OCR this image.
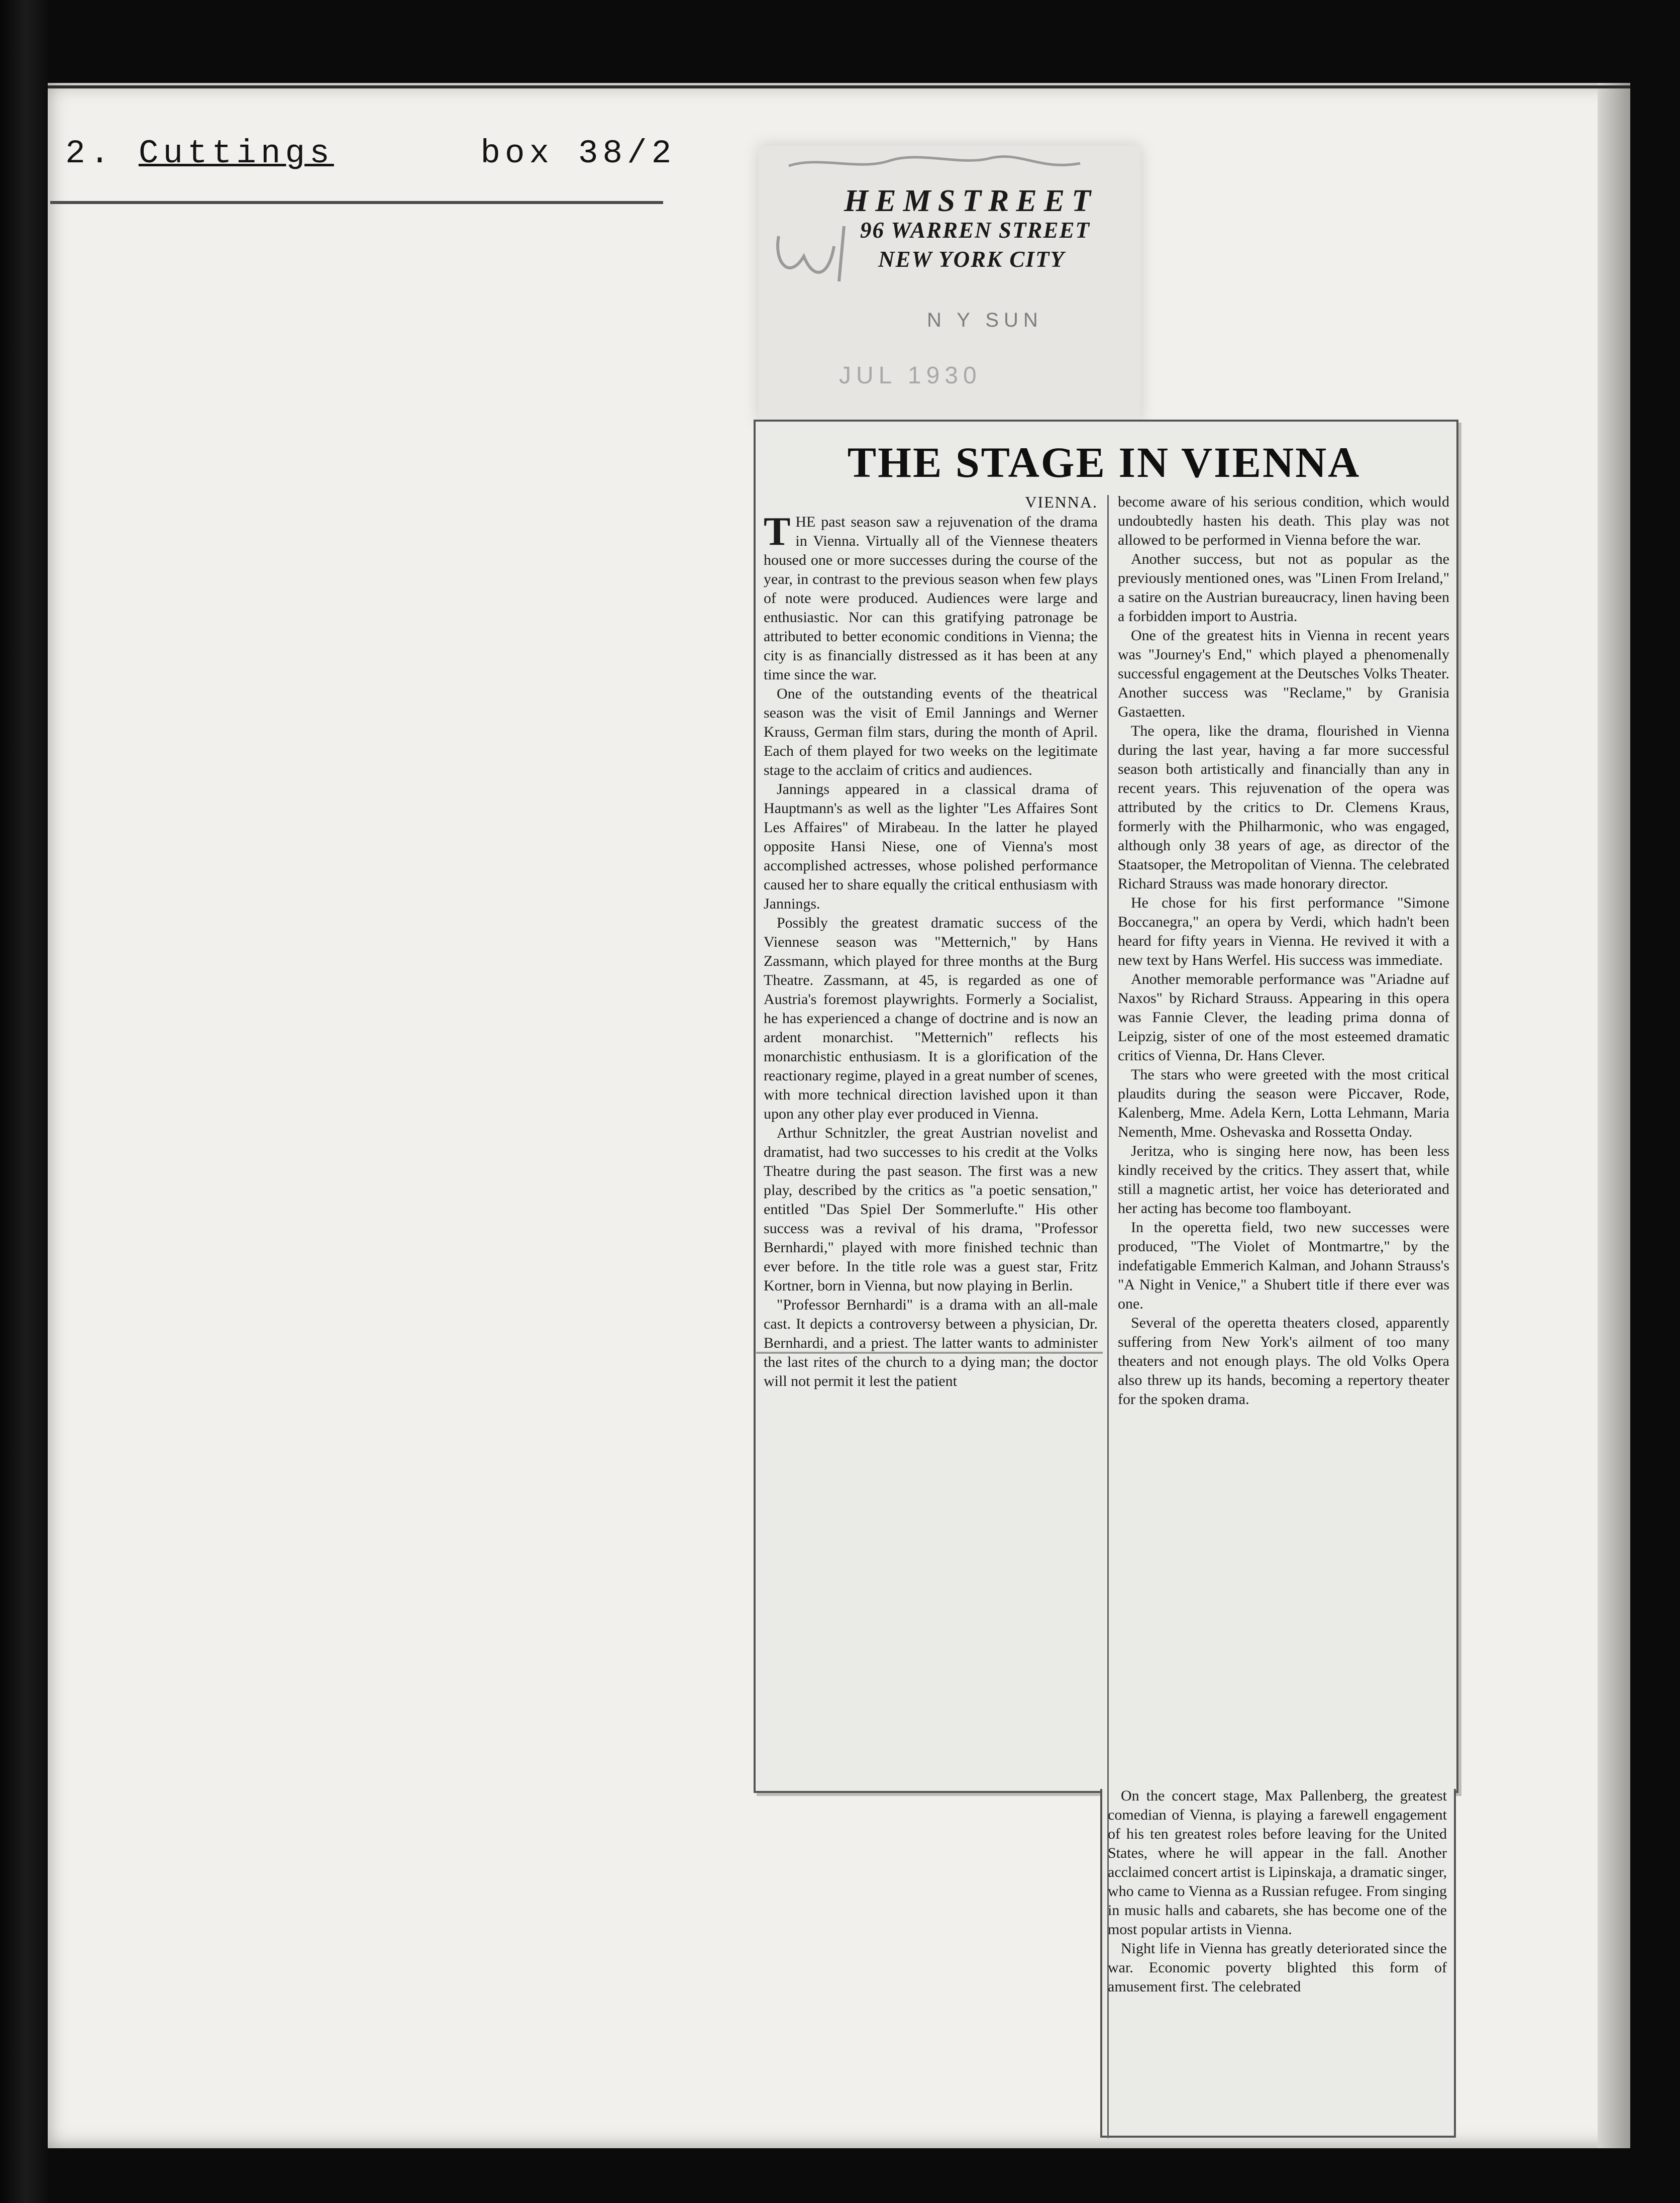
2. Cuttings	box 38/2
HEMSTREET
96 WARREN STREET
NEW YORK CITY
N Y SUN
JUL 1930
THE STAGE IN VIENNA
VIENNA.

THE past season saw a rejuvenation of the drama in Vienna. Virtually all of the Viennese theaters housed one or more successes during the course of the year, in contrast to the previous season when few plays of note were produced. Audiences were large and enthusiastic. Nor can this gratifying patronage be attributed to better economic conditions in Vienna; the city is as financially distressed as it has been at any time since the war.

One of the outstanding events of the theatrical season was the visit of Emil Jannings and Werner Krauss, German film stars, during the month of April. Each of them played for two weeks on the legitimate stage to the acclaim of critics and audiences.

Jannings appeared in a classical drama of Hauptmann's as well as the lighter "Les Affaires Sont Les Affaires" of Mirabeau. In the latter he played opposite Hansi Niese, one of Vienna's most accomplished actresses, whose polished performance caused her to share equally the critical enthusiasm with Jannings.

Possibly the greatest dramatic success of the Viennese season was "Metternich," by Hans Zassmann, which played for three months at the Burg Theatre. Zassmann, at 45, is regarded as one of Austria's foremost playwrights. Formerly a Socialist, he has experienced a change of doctrine and is now an ardent monarchist. "Metternich" reflects his monarchistic enthusiasm. It is a glorification of the reactionary regime, played in a great number of scenes, with more technical direction lavished upon it than upon any other play ever produced in Vienna.

Arthur Schnitzler, the great Austrian novelist and dramatist, had two successes to his credit at the Volks Theatre during the past season. The first was a new play, described by the critics as "a poetic sensation," entitled "Das Spiel Der Sommerlufte." His other success was a revival of his drama, "Professor Bernhardi," played with more finished technic than ever before. In the title role was a guest star, Fritz Kortner, born in Vienna, but now playing in Berlin.

"Professor Bernhardi" is a drama with an all-male cast. It depicts a controversy between a physician, Dr. Bernhardi, and a priest. The latter wants to administer the last rites of the church to a dying man; the doctor will not permit it lest the patient

become aware of his serious condition, which would undoubtedly hasten his death. This play was not allowed to be performed in Vienna before the war.

Another success, but not as popular as the previously mentioned ones, was "Linen From Ireland," a satire on the Austrian bureaucracy, linen having been a forbidden import to Austria.

One of the greatest hits in Vienna in recent years was "Journey's End," which played a phenomenally successful engagement at the Deutsches Volks Theater. Another success was "Reclame," by Granisia Gastaetten.

The opera, like the drama, flourished in Vienna during the last year, having a far more successful season both artistically and financially than any in recent years. This rejuvenation of the opera was attributed by the critics to Dr. Clemens Kraus, formerly with the Philharmonic, who was engaged, although only 38 years of age, as director of the Staatsoper, the Metropolitan of Vienna. The celebrated Richard Strauss was made honorary director.

He chose for his first performance "Simone Boccanegra," an opera by Verdi, which hadn't been heard for fifty years in Vienna. He revived it with a new text by Hans Werfel. His success was immediate.

Another memorable performance was "Ariadne auf Naxos" by Richard Strauss. Appearing in this opera was Fannie Clever, the leading prima donna of Leipzig, sister of one of the most esteemed dramatic critics of Vienna, Dr. Hans Clever.

The stars who were greeted with the most critical plaudits during the season were Piccaver, Rode, Kalenberg, Mme. Adela Kern, Lotta Lehmann, Maria Nementh, Mme. Oshevaska and Rossetta Onday.

Jeritza, who is singing here now, has been less kindly received by the critics. They assert that, while still a magnetic artist, her voice has deteriorated and her acting has become too flamboyant.

In the operetta field, two new successes were produced, "The Violet of Montmartre," by the indefatigable Emmerich Kalman, and Johann Strauss's "A Night in Venice," a Shubert title if there ever was one.

Several of the operetta theaters closed, apparently suffering from New York's ailment of too many theaters and not enough plays. The old Volks Opera also threw up its hands, becoming a repertory theater for the spoken drama.

On the concert stage, Max Pallenberg, the greatest comedian of Vienna, is playing a farewell engagement of his ten greatest roles before leaving for the United States, where he will appear in the fall. Another acclaimed concert artist is Lipinskaja, a dramatic singer, who came to Vienna as a Russian refugee. From singing in music halls and cabarets, she has become one of the most popular artists in Vienna.

Night life in Vienna has greatly deteriorated since the war. Economic poverty blighted this form of amusement first. The celebrated
